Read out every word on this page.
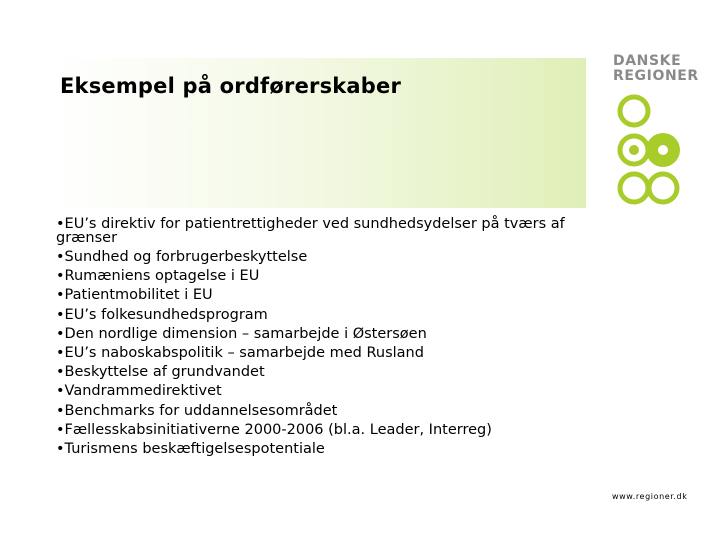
Eksempel på ordførerskaber
DANSKE
REGIONER
•EU’s direktiv for patientrettigheder ved sundhedsydelser på tværs af grænser
•Sundhed og forbrugerbeskyttelse
•Rumæniens optagelse i EU
•Patientmobilitet i EU
•EU’s folkesundhedsprogram
•Den nordlige dimension – samarbejde i Østersøen
•EU’s naboskabspolitik – samarbejde med Rusland
•Beskyttelse af grundvandet
•Vandrammedirektivet
•Benchmarks for uddannelsesområdet
•Fællesskabsinitiativerne 2000-2006 (bl.a. Leader, Interreg)
•Turismens beskæftigelsespotentiale
www.regioner.dk
